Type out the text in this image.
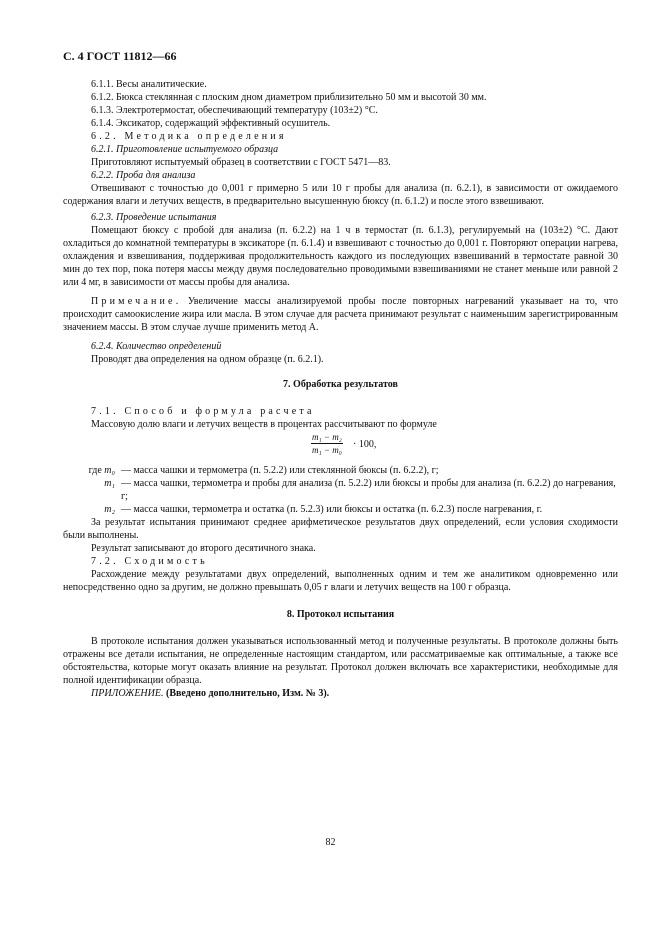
С. 4 ГОСТ 11812—66

6.1.1. Весы аналитические.

6.1.2. Бюкса стеклянная с плоским дном диаметром приблизительно 50 мм и высотой 30 мм.

6.1.3. Электротермостат, обеспечивающий температуру (103±2) °С.

6.1.4. Эксикатор, содержащий эффективный осушитель.

6.2. Методика определения

6.2.1. Приготовление испытуемого образца

Приготовляют испытуемый образец в соответствии с ГОСТ 5471—83.

6.2.2. Проба для анализа

Отвешивают с точностью до 0,001 г примерно 5 или 10 г пробы для анализа (п. 6.2.1), в зависимости от ожидаемого содержания влаги и летучих веществ, в предварительно высушенную бюксу (п. 6.1.2) и после этого взвешивают.

6.2.3. Проведение испытания

Помещают бюксу с пробой для анализа (п. 6.2.2) на 1 ч в термостат (п. 6.1.3), регулируемый на (103±2) °С. Дают охладиться до комнатной температуры в эксикаторе (п. 6.1.4) и взвешивают с точностью до 0,001 г. Повторяют операции нагрева, охлаждения и взвешивания, поддерживая продолжительность каждого из последующих взвешиваний в термостате равной 30 мин до тех пор, пока потеря массы между двумя последовательно проводимыми взвешиваниями не станет меньше или равной 2 или 4 мг, в зависимости от массы пробы для анализа.

Примечание. Увеличение массы анализируемой пробы после повторных нагреваний указывает на то, что происходит самоокисление жира или масла. В этом случае для расчета принимают результат с наименьшим зарегистрированным значением массы. В этом случае лучше применить метод А.

6.2.4. Количество определений

Проводят два определения на одном образце (п. 6.2.1).

7. Обработка результатов

7.1. Способ и формула расчета

Массовую долю влаги и летучих веществ в процентах рассчитывают по формуле

$\frac{\text{m₁ − m₂}}{\text{m₁ − m₀}} \cdot 100$,
где m₀ — масса чашки и термометра (п. 5.2.2) или стеклянной бюксы (п. 6.2.2), г;
m₁ — масса чашки, термометра и пробы для анализа (п. 5.2.2) или бюксы и пробы для анализа (п. 6.2.2) до нагревания, г;
m₂ — масса чашки, термометра и остатка (п. 5.2.3) или бюксы и остатка (п. 6.2.3) после нагревания, г.

За результат испытания принимают среднее арифметическое результатов двух определений, если условия сходимости были выполнены.

Результат записывают до второго десятичного знака.

7.2. Сходимость

Расхождение между результатами двух определений, выполненных одним и тем же аналитиком одновременно или непосредственно одно за другим, не должно превышать 0,05 г влаги и летучих веществ на 100 г образца.

8. Протокол испытания

В протоколе испытания должен указываться использованный метод и полученные результаты. В протоколе должны быть отражены все детали испытания, не определенные настоящим стандартом, или рассматриваемые как оптимальные, а также все обстоятельства, которые могут оказать влияние на результат. Протокол должен включать все характеристики, необходимые для полной идентификации образца.

ПРИЛОЖЕНИЕ. (Введено дополнительно, Изм. № 3).

82
